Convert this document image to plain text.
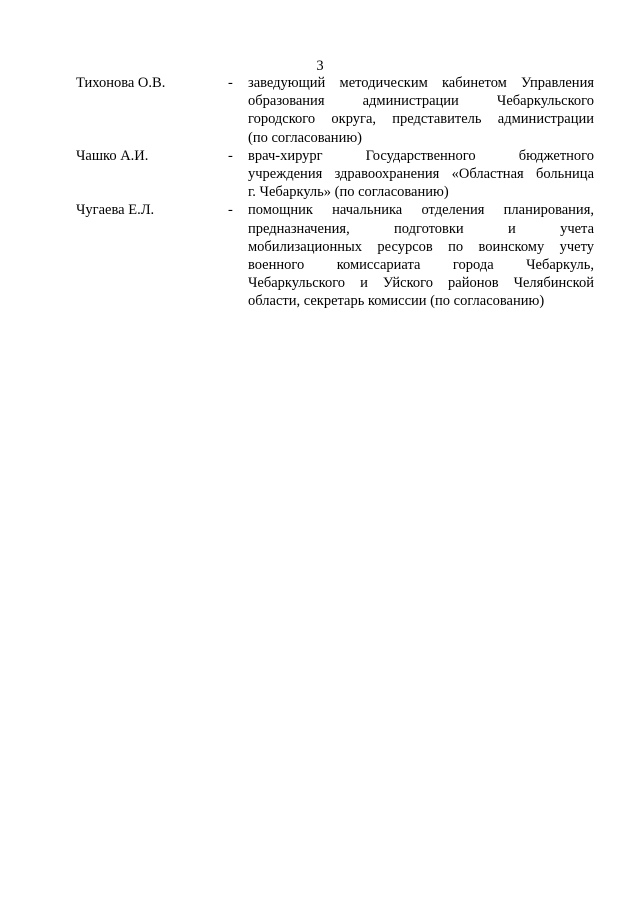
3
Тихонова О.В.	-	заведующий методическим кабинетом Управления
образования администрации Чебаркульского
городского округа, представитель администрации
(по согласованию)
Чашко А.И.	-	врач-хирург Государственного бюджетного
учреждения здравоохранения «Областная больница
г. Чебаркуль» (по согласованию)
Чугаева Е.Л.	-	помощник начальника отделения планирования,
предназначения, подготовки и учета
мобилизационных ресурсов по воинскому учету
военного комиссариата города Чебаркуль,
Чебаркульского и Уйского районов Челябинской
области, секретарь комиссии (по согласованию)
